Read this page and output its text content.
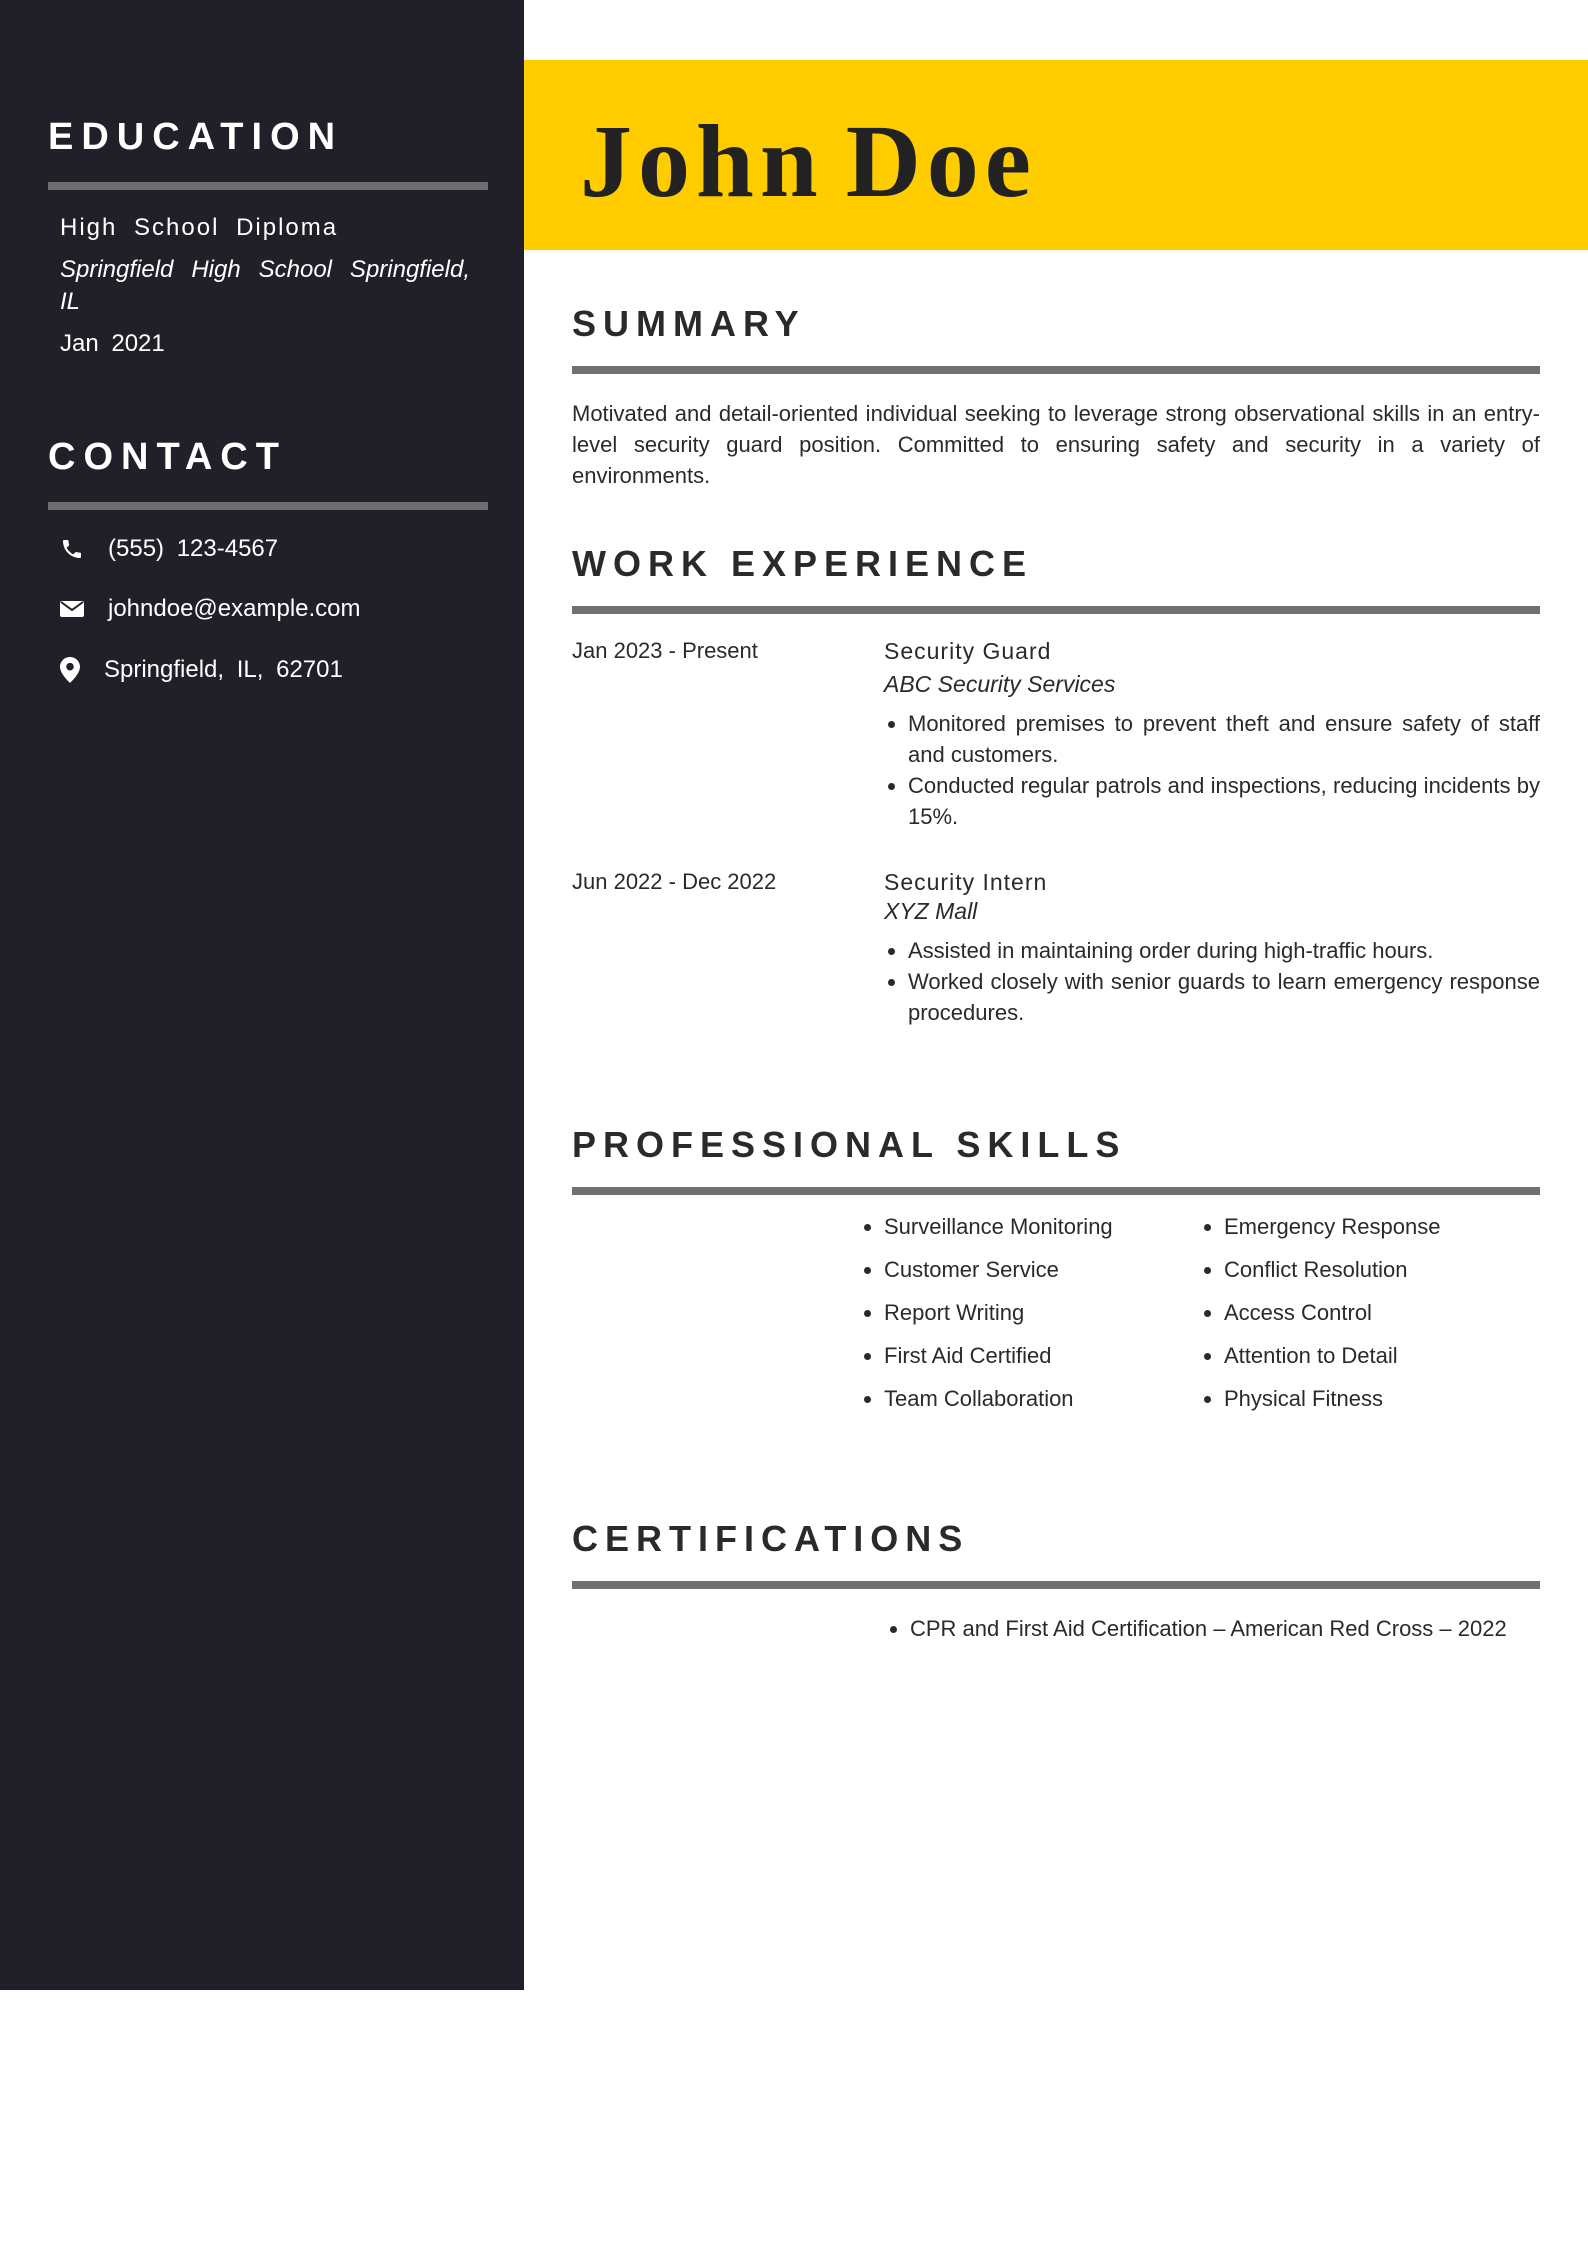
EDUCATION
High School Diploma
Springfield High School Springfield, IL
Jan 2021
CONTACT
(555) 123-4567
johndoe@example.com
Springfield, IL, 62701
John Doe
SUMMARY
Motivated and detail-oriented individual seeking to leverage strong observational skills in an entry-level security guard position. Committed to ensuring safety and security in a variety of environments.
WORK EXPERIENCE
Jan 2023 - Present	Security Guard
ABC Security Services
• Monitored premises to prevent theft and ensure safety of staff and customers.
• Conducted regular patrols and inspections, reducing incidents by 15%.
Jun 2022 - Dec 2022	Security Intern
XYZ Mall
• Assisted in maintaining order during high-traffic hours.
• Worked closely with senior guards to learn emergency response procedures.
PROFESSIONAL SKILLS
• Surveillance Monitoring
• Customer Service
• Report Writing
• First Aid Certified
• Team Collaboration
• Emergency Response
• Conflict Resolution
• Access Control
• Attention to Detail
• Physical Fitness
CERTIFICATIONS
• CPR and First Aid Certification – American Red Cross – 2022
